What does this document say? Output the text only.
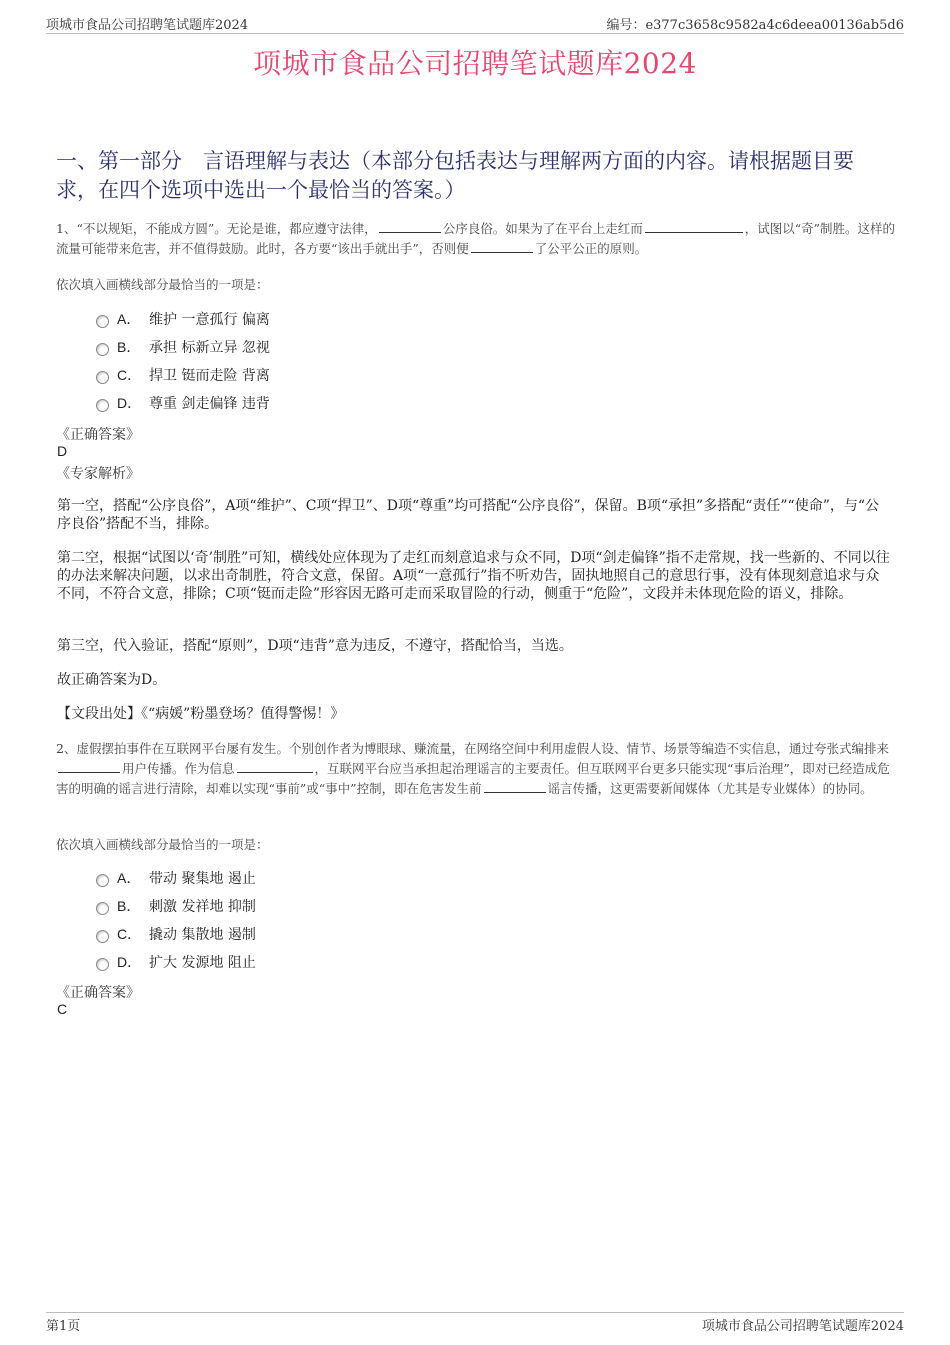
项城市食品公司招聘笔试题库2024	编号：e377c3658c9582a4c6deea00136ab5d6
项城市食品公司招聘笔试题库2024
一、第一部分　言语理解与表达（本部分包括表达与理解两方面的内容。请根据题目要求，在四个选项中选出一个最恰当的答案。）
1、“不以规矩，不能成方圆”。无论是谁，都应遵守法律，	公序良俗。如果为了在平台上走红而	，试图以“奇”制胜。这样的流量可能带来危害，并不值得鼓励。此时，各方要“该出手就出手”，否则便	了公平公正的原则。
依次填入画横线部分最恰当的一项是：
A． 维护 一意孤行 偏离
B． 承担 标新立异 忽视
C． 捍卫 铤而走险 背离
D． 尊重 剑走偏锋 违背
《正确答案》
D
《专家解析》
第一空，搭配“公序良俗”，A项“维护”、C项“捍卫”、D项“尊重”均可搭配“公序良俗”，保留。B项“承担”多搭配“责任”“使命”，与“公序良俗”搭配不当，排除。
第二空，根据“试图以‘奇’制胜”可知，横线处应体现为了走红而刻意追求与众不同，D项“剑走偏锋”指不走常规，找一些新的、不同以往的办法来解决问题，以求出奇制胜，符合文意，保留。A项“一意孤行”指不听劝告，固执地照自己的意思行事，没有体现刻意追求与众不同，不符合文意，排除；C项“铤而走险”形容因无路可走而采取冒险的行动，侧重于“危险”，文段并未体现危险的语义，排除。
第三空，代入验证，搭配“原则”，D项“违背”意为违反，不遵守，搭配恰当，当选。
故正确答案为D。
【文段出处】《“病媛”粉墨登场？值得警惕！》
2、虚假摆拍事件在互联网平台屡有发生。个别创作者为博眼球、赚流量，在网络空间中利用虚假人设、情节、场景等编造不实信息，通过夸张式编排来用户传播。作为信息	，互联网平台应当承担起治理谣言的主要责任。但互联网平台更多只能实现“事后治理”，即对已经造成危害的明确的谣言进行清除，却难以实现“事前”或“事中”控制，即在危害发生前	谣言传播，这更需要新闻媒体（尤其是专业媒体）的协同。
依次填入画横线部分最恰当的一项是：
A． 带动 聚集地 遏止
B． 刺激 发祥地 抑制
C． 撬动 集散地 遏制
D． 扩大 发源地 阻止
《正确答案》
C
第1页	项城市食品公司招聘笔试题库2024
